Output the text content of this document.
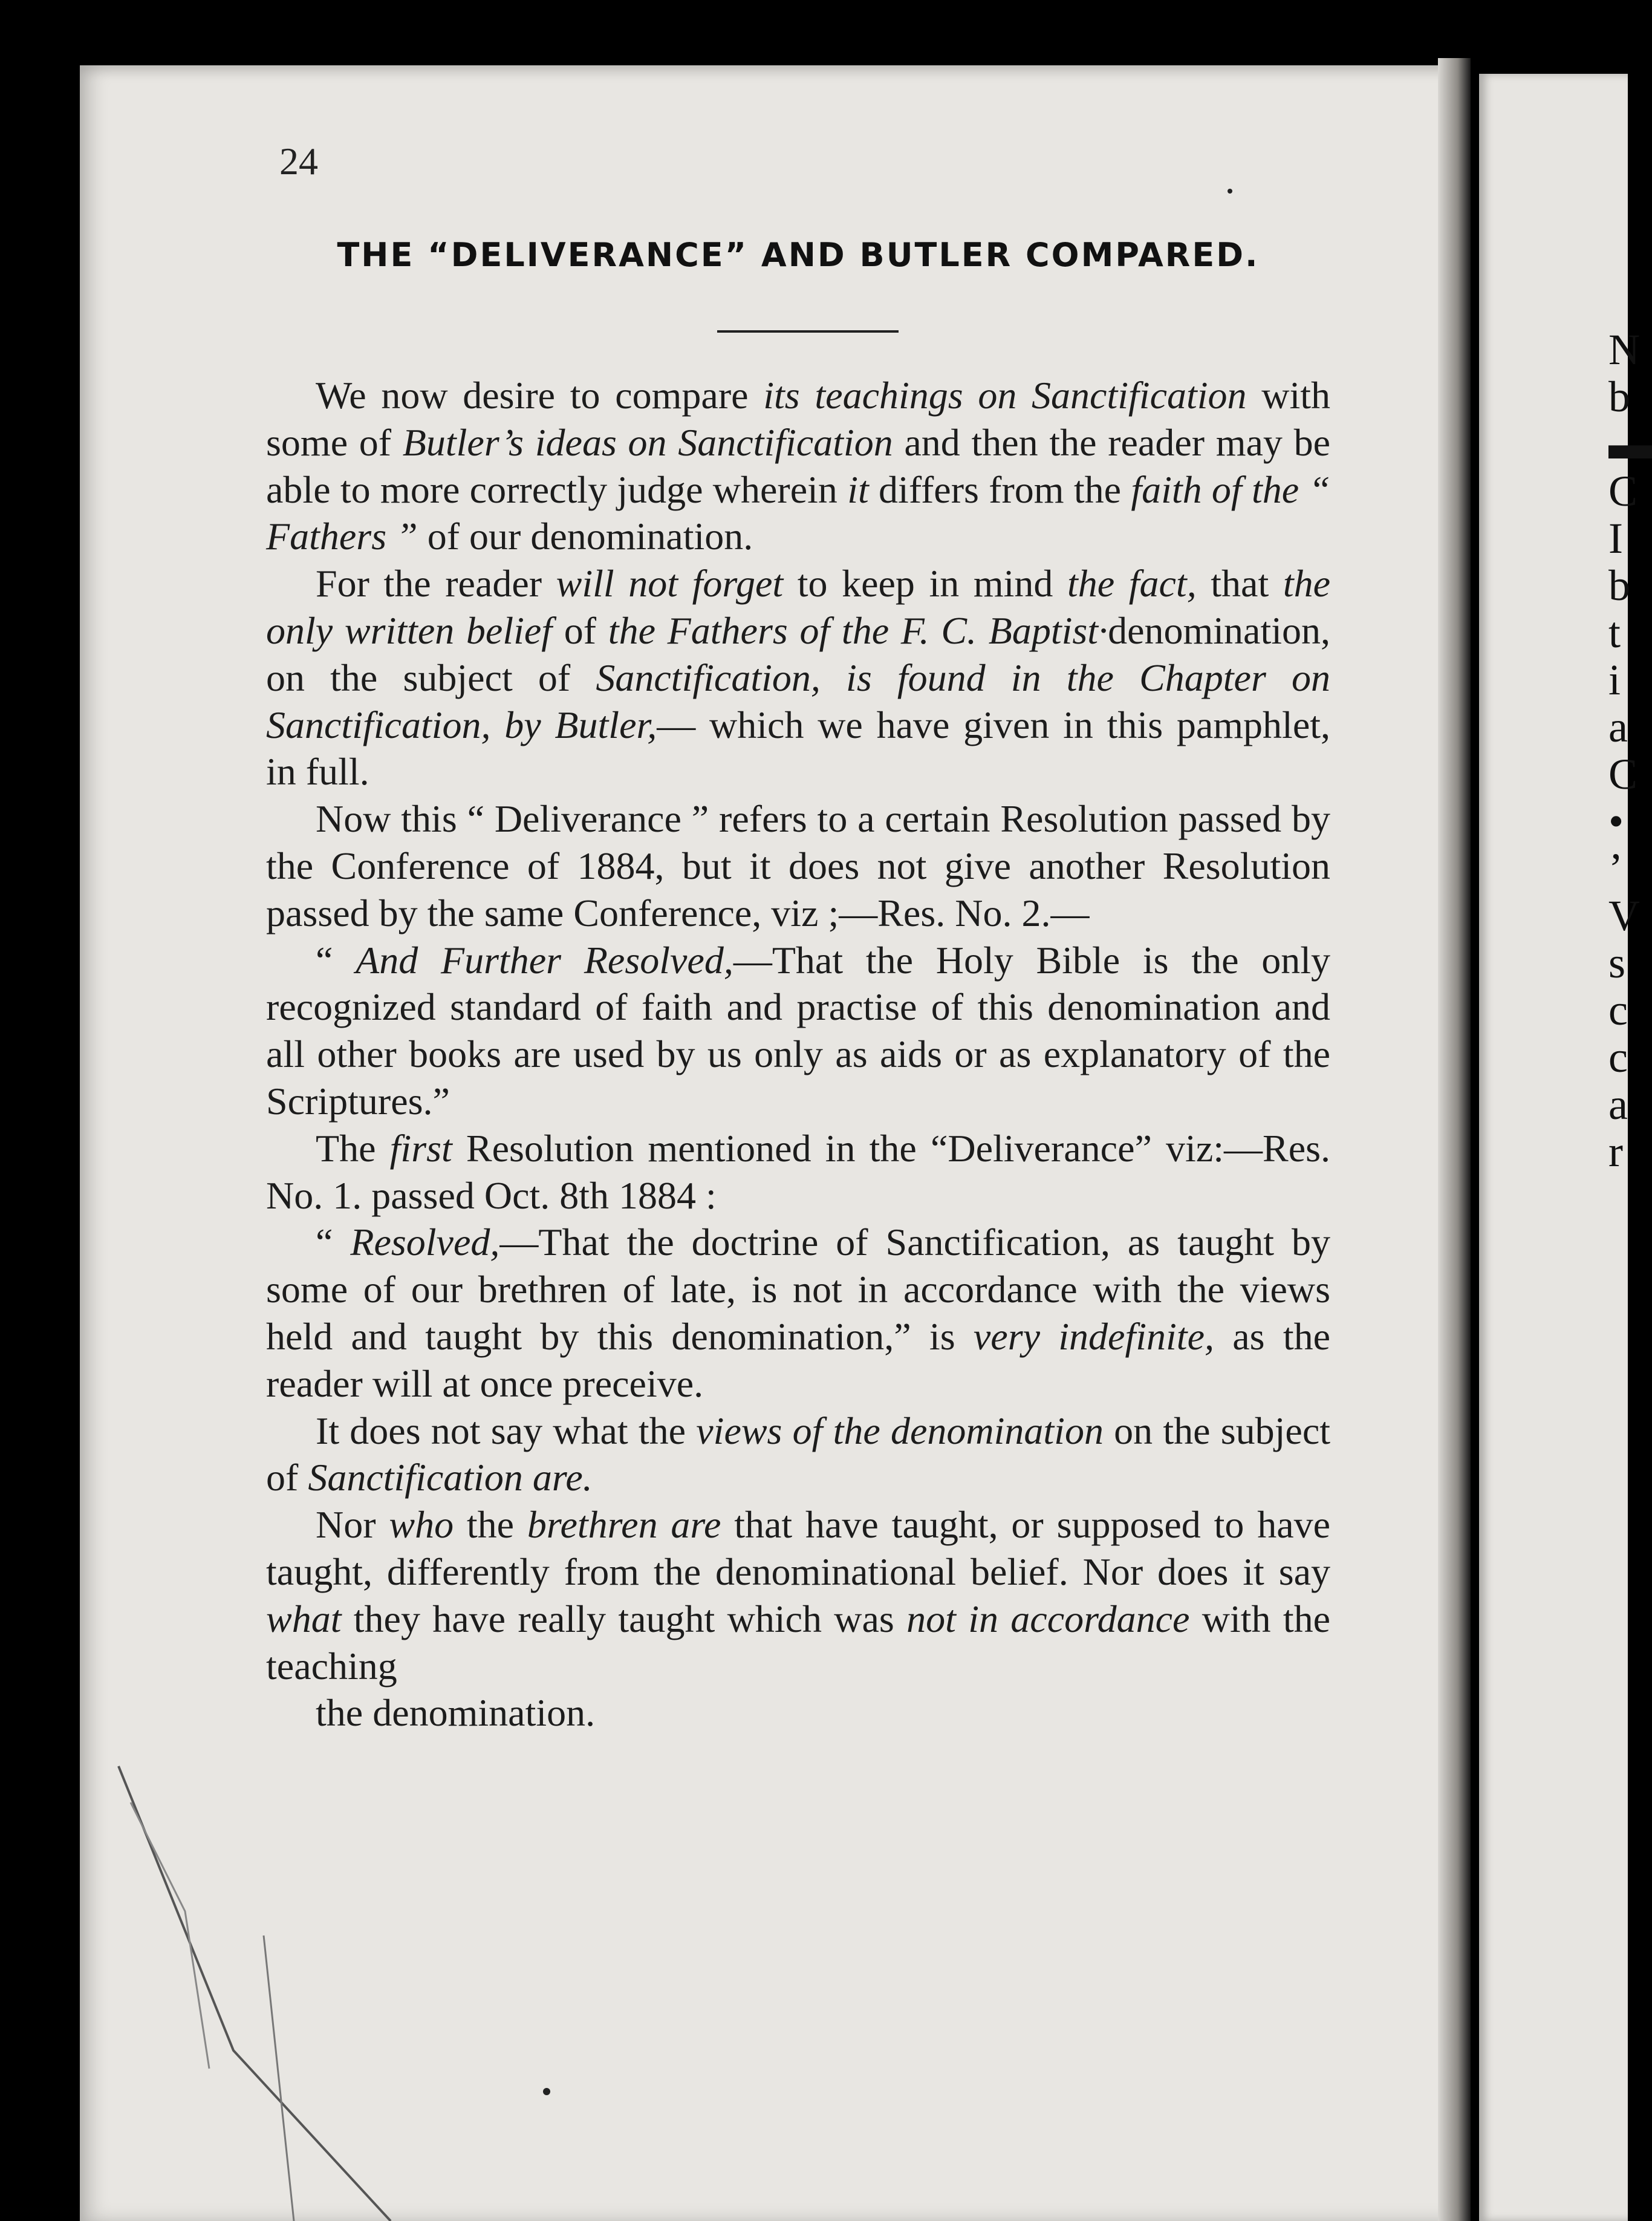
N
b
▬
C
I
b
t
i
a
C
•
’
V
s
c
c
a
r
24
THE “DELIVERANCE” AND BUTLER COMPARED.

We now desire to compare its teachings on Sanctification with some of Butler’s ideas on Sanctification and then the reader may be able to more correctly judge wherein it differs from the faith of the “ Fathers ” of our denomination.

For the reader will not forget to keep in mind the fact, that the only written belief of the Fathers of the F. C. Baptist·denomination, on the subject of Sanctification, is found in the Chapter on Sanctification, by Butler,— which we have given in this pamphlet, in full.

Now this “ Deliverance ” refers to a certain Resolution passed by the Conference of 1884, but it does not give another Resolution passed by the same Conference, viz ;—Res. No. 2.—

“ And Further Resolved,—That the Holy Bible is the only recognized standard of faith and practise of this denomination and all other books are used by us only as aids or as explanatory of the Scriptures.”

The first Resolution mentioned in the “Deliverance” viz:—Res. No. 1. passed Oct. 8th 1884 :

“ Resolved,—That the doctrine of Sanctification, as taught by some of our brethren of late, is not in accordance with the views held and taught by this denomination,” is very indefinite, as the reader will at once preceive.

It does not say what the views of the denomination on the subject of Sanctification are.

Nor who the brethren are that have taught, or supposed to have taught, differently from the denominational belief. Nor does it say what they have really taught which was not in accordance with the teaching

the denomination.
